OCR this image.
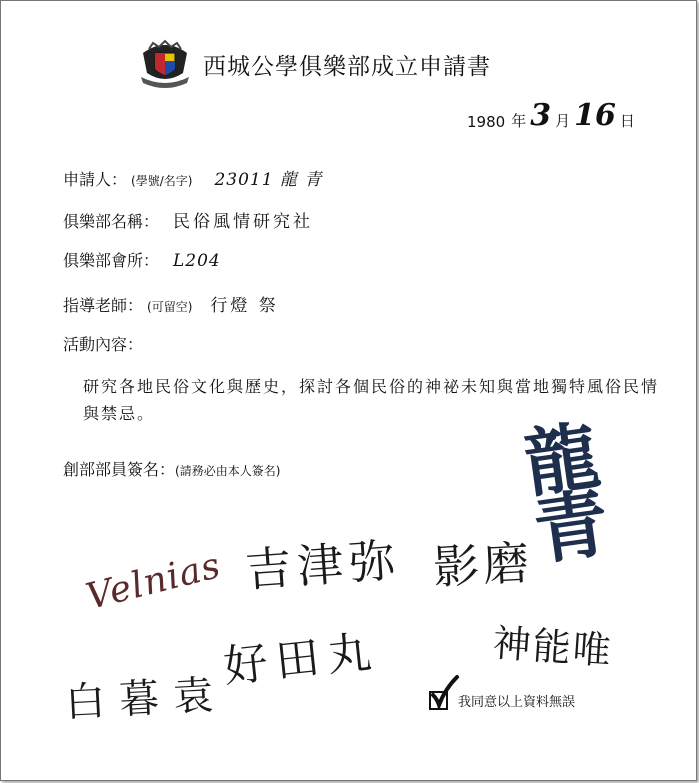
西城公學俱樂部成立申請書
1980 年 3 月 16 日
申請人： (學號/名字) 23011 龍 青
俱樂部名稱： 民俗風情研究社
俱樂部會所： L204
指導老師： (可留空) 行燈 祭
活動內容：
研究各地民俗文化與歷史，探討各個民俗的神祕未知與當地獨特風俗民情與禁忌。
創部部員簽名： (請務必由本人簽名)	龍青
Velnias 吉津弥 影磨
好田丸	神能唯
白暮袁	我同意以上資料無誤
